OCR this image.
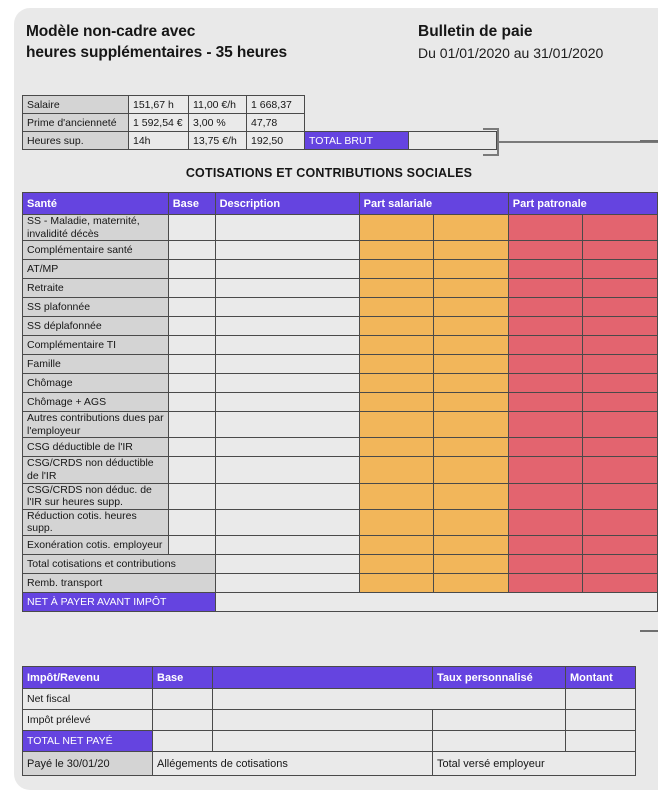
Modèle non-cadre avec
heures supplémentaires - 35 heures
Bulletin de paie
Du 01/01/2020 au 31/01/2020
Salaire	151,67 h	11,00 €/h	1 668,37		
Prime d'ancienneté	1 592,54 €	3,00 %	47,78		
Heures sup.	14h	13,75 €/h	192,50	TOTAL BRUT	
COTISATIONS ET CONTRIBUTIONS SOCIALES
Santé	Base	Description	Part salariale		Part patronale	
SS - Maladie, maternité, invalidité décès						
Complémentaire santé						
AT/MP						
Retraite						
SS plafonnée						
SS déplafonnée						
Complémentaire TI						
Famille						
Chômage						
Chômage + AGS						
Autres contributions dues par l'employeur						
CSG déductible de l'IR						
CSG/CRDS non déductible de l'IR						
CSG/CRDS non déduc. de l'IR sur heures supp.						
Réduction cotis. heures supp.						
Exonération cotis. employeur						
Total cotisations et contributions						
Remb. transport						
NET À PAYER AVANT IMPÔT						
Impôt/Revenu	Base		Taux personnalisé	Montant
Net fiscal				
Impôt prélevé				
TOTAL NET PAYÉ				
Payé le 30/01/20	Allégements de cotisations		Total versé employeur	
